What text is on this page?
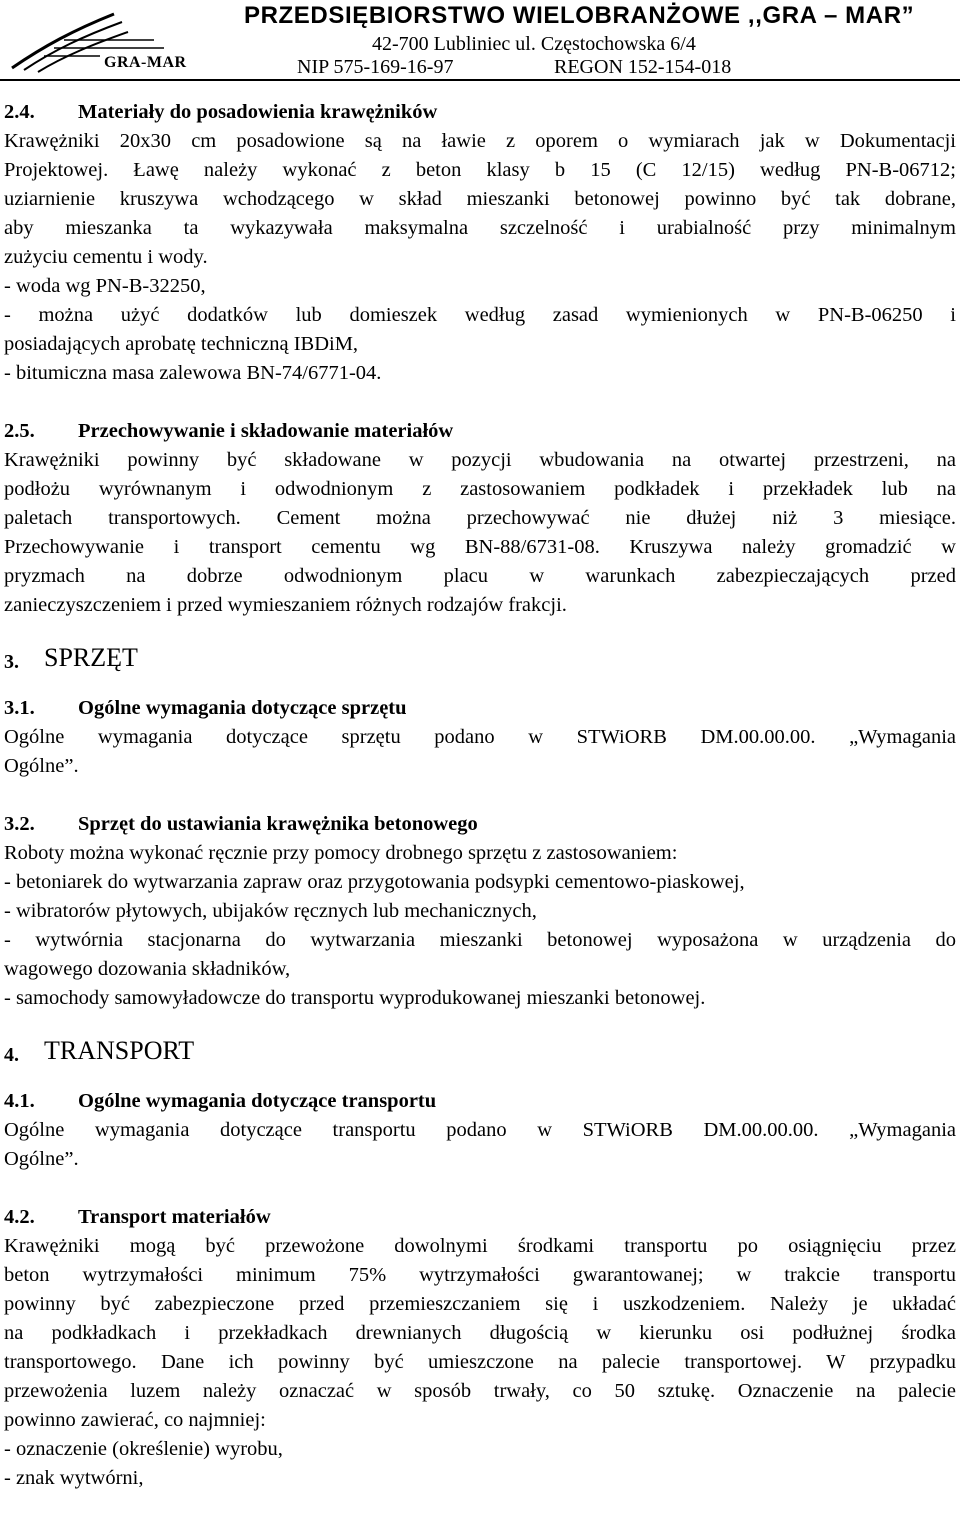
GRA-MAR
PRZEDSIĘBIORSTWO WIELOBRANŻOWE ,,GRA – MAR”
42-700 Lubliniec ul. Częstochowska 6/4
NIP 575-169-16-97	REGON 152-154-018
2.4.	Materiały do posadowienia krawężników
Krawężniki 20x30 cm posadowione są na ławie z oporem o wymiarach jak w Dokumentacji
Projektowej. Ławę należy wykonać z beton klasy b 15 (C 12/15) według PN-B-06712;
uziarnienie kruszywa wchodzącego w skład mieszanki betonowej powinno być tak dobrane,
aby mieszanka ta wykazywała maksymalna szczelność i urabialność przy minimalnym
zużyciu cementu i wody.
- woda wg PN-B-32250,
- można użyć dodatków lub domieszek według zasad wymienionych w PN-B-06250 i
posiadających aprobatę techniczną IBDiM,
- bitumiczna masa zalewowa BN-74/6771-04.
2.5.	Przechowywanie i składowanie materiałów
Krawężniki powinny być składowane w pozycji wbudowania na otwartej przestrzeni, na
podłożu wyrównanym i odwodnionym z zastosowaniem podkładek i przekładek lub na
paletach transportowych. Cement można przechowywać nie dłużej niż 3 miesiące.
Przechowywanie i transport cementu wg BN-88/6731-08. Kruszywa należy gromadzić w
pryzmach na dobrze odwodnionym placu w warunkach zabezpieczających przed
zanieczyszczeniem i przed wymieszaniem różnych rodzajów frakcji.
3. SPRZĘT
3.1.	Ogólne wymagania dotyczące sprzętu
Ogólne wymagania dotyczące sprzętu podano w STWiORB DM.00.00.00. „Wymagania
Ogólne”.
3.2.	Sprzęt do ustawiania krawężnika betonowego
Roboty można wykonać ręcznie przy pomocy drobnego sprzętu z zastosowaniem:
- betoniarek do wytwarzania zapraw oraz przygotowania podsypki cementowo-piaskowej,
- wibratorów płytowych, ubijaków ręcznych lub mechanicznych,
- wytwórnia stacjonarna do wytwarzania mieszanki betonowej wyposażona w urządzenia do
wagowego dozowania składników,
- samochody samowyładowcze do transportu wyprodukowanej mieszanki betonowej.
4. TRANSPORT
4.1.	Ogólne wymagania dotyczące transportu
Ogólne wymagania dotyczące transportu podano w STWiORB DM.00.00.00. „Wymagania
Ogólne”.
4.2.	Transport materiałów
Krawężniki mogą być przewożone dowolnymi środkami transportu po osiągnięciu przez
beton wytrzymałości minimum 75% wytrzymałości gwarantowanej; w trakcie transportu
powinny być zabezpieczone przed przemieszczaniem się i uszkodzeniem. Należy je układać
na podkładkach i przekładkach drewnianych długością w kierunku osi podłużnej środka
transportowego. Dane ich powinny być umieszczone na palecie transportowej. W przypadku
przewożenia luzem należy oznaczać w sposób trwały, co 50 sztukę. Oznaczenie na palecie
powinno zawierać, co najmniej:
- oznaczenie (określenie) wyrobu,
- znak wytwórni,
